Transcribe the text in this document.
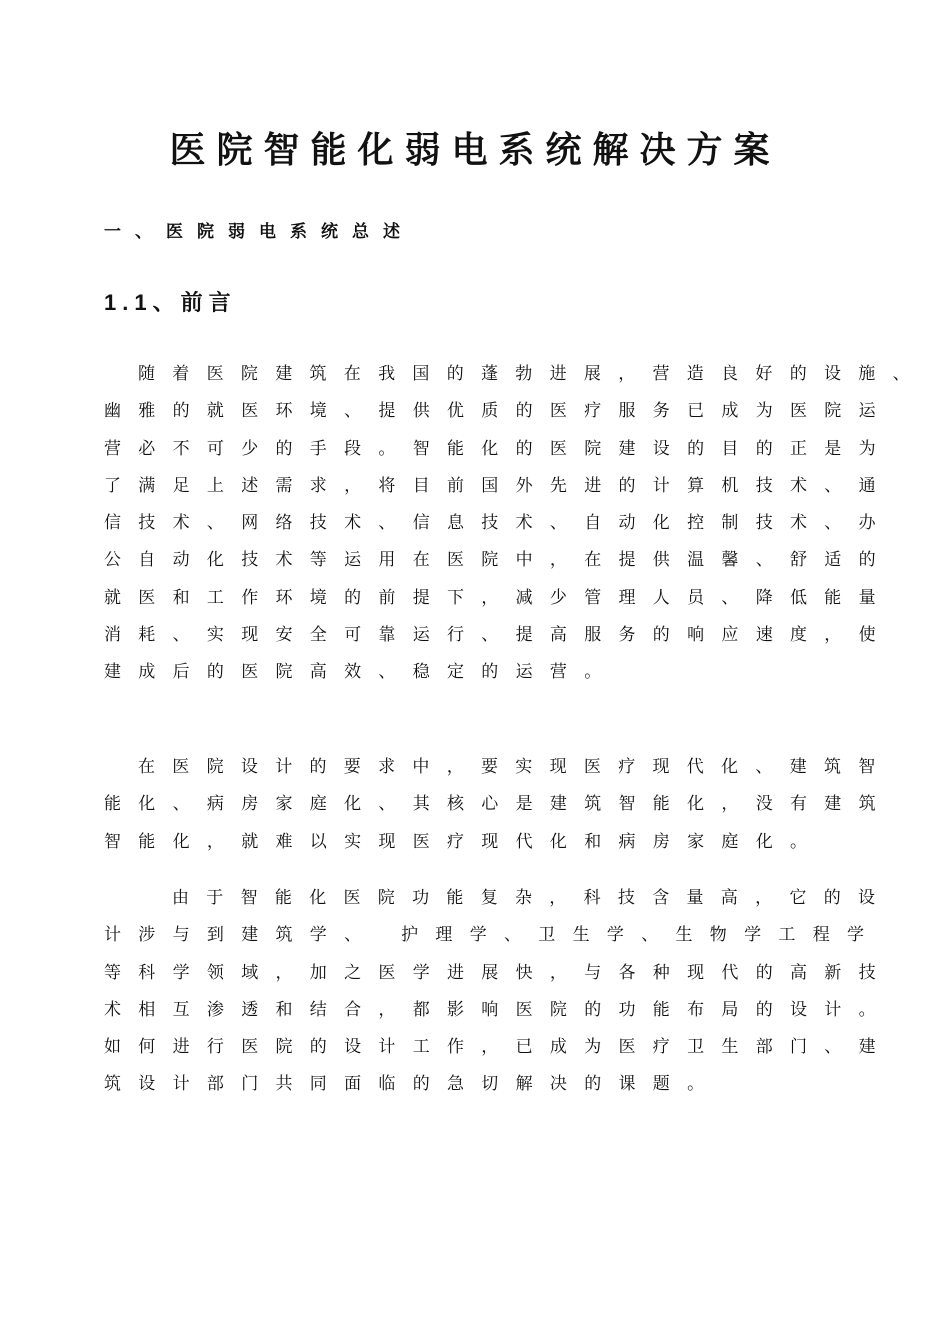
医院智能化弱电系统解决方案
一、医院弱电系统总述
1.1、前言
随着医院建筑在我国的蓬勃进展，营造良好的设施、
幽雅的就医环境、提供优质的医疗服务已成为医院运
营必不可少的手段。智能化的医院建设的目的正是为
了满足上述需求，将目前国外先进的计算机技术、通
信技术、网络技术、信息技术、自动化控制技术、办
公自动化技术等运用在医院中，在提供温馨、舒适的
就医和工作环境的前提下，减少管理人员、降低能量
消耗、实现安全可靠运行、提高服务的响应速度，使
建成后的医院高效、稳定的运营。
在医院设计的要求中，要实现医疗现代化、建筑智
能化、病房家庭化、其核心是建筑智能化，没有建筑
智能化，就难以实现医疗现代化和病房家庭化。
由于智能化医院功能复杂，科技含量高，它的设
计涉与到建筑学、 护理学、卫生学、生物学工程学
等科学领域，加之医学进展快，与各种现代的高新技
术相互渗透和结合，都影响医院的功能布局的设计。
如何进行医院的设计工作，已成为医疗卫生部门、建
筑设计部门共同面临的急切解决的课题。
